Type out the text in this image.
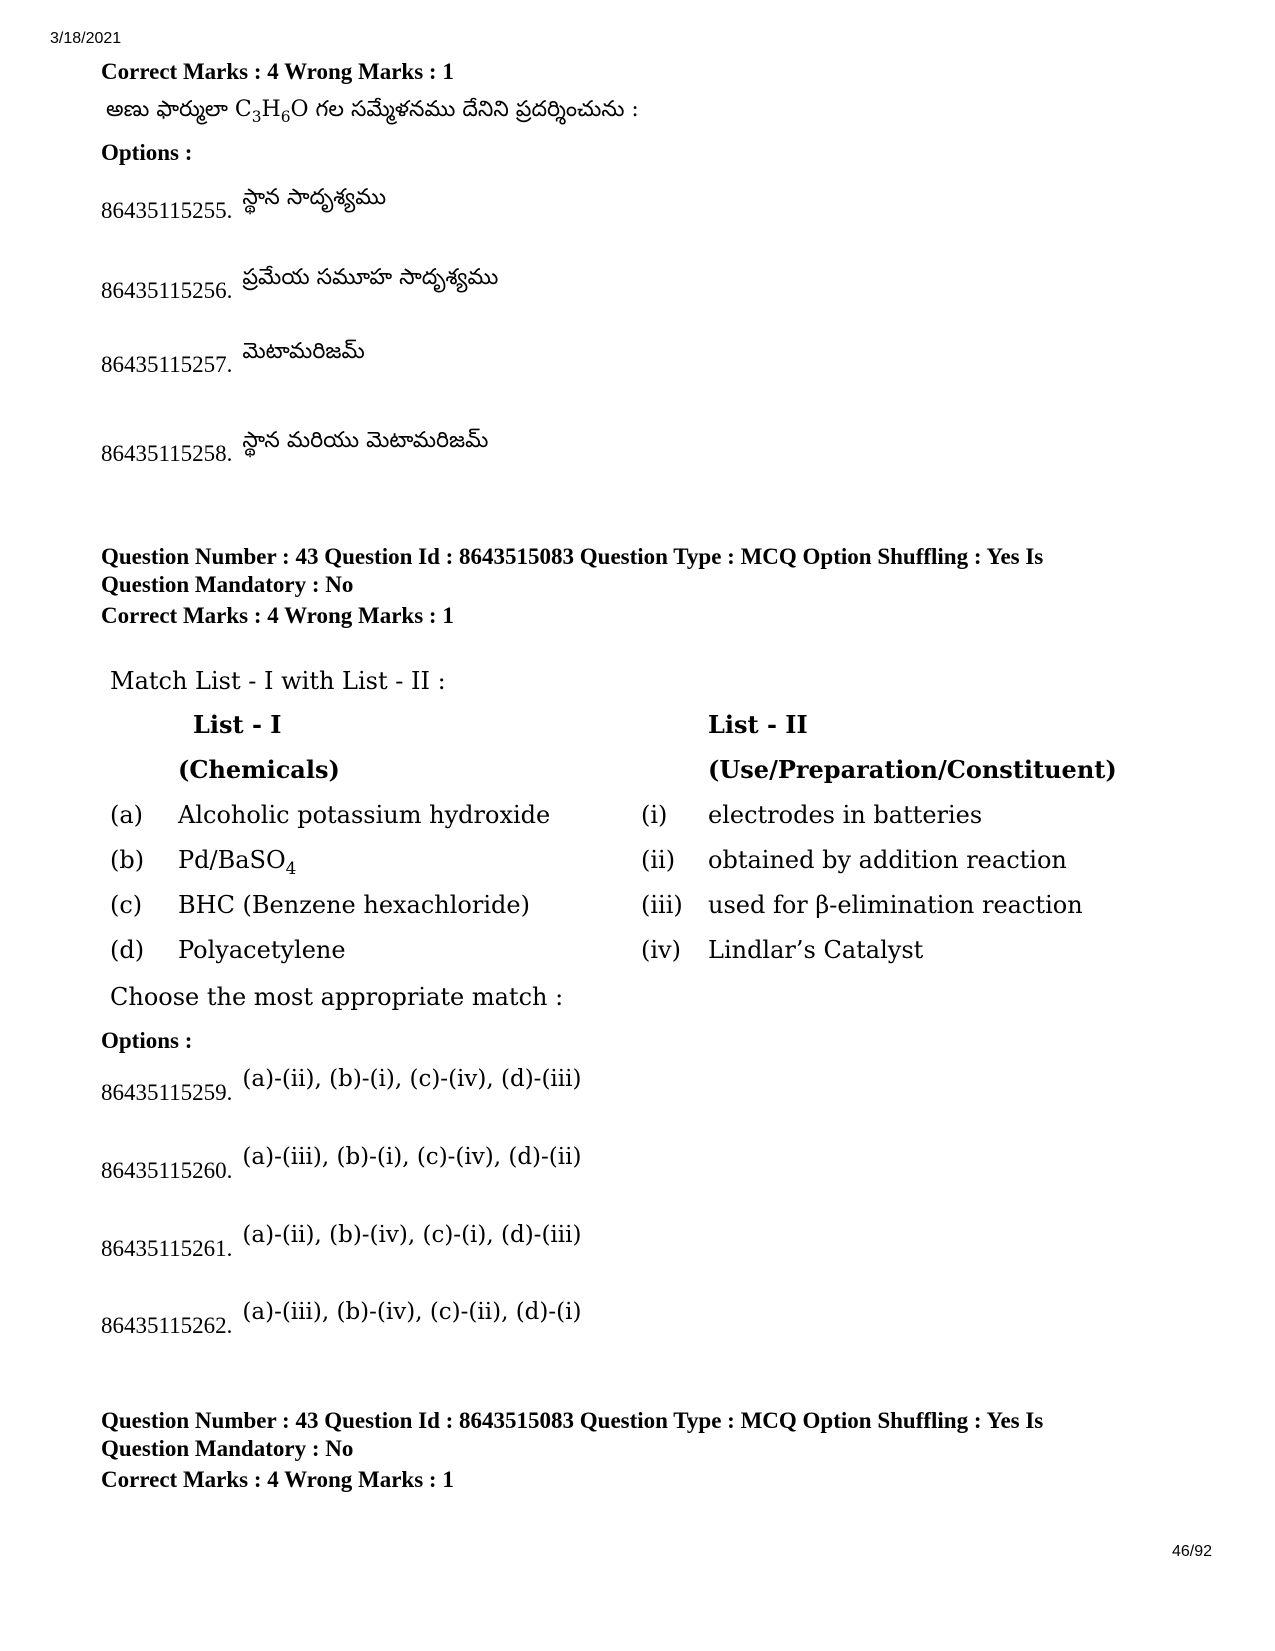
3/18/2021
Correct Marks : 4 Wrong Marks : 1
అణు ఫార్ములా $C_3H_6O$ గల సమ్మేళనము దేనిని ప్రదర్శించును :
Options :
86435115255.స్థాన సాదృశ్యము
86435115256.ప్రమేయ సమూహ సాదృశ్యము
86435115257.మెటామరిజమ్
86435115258.స్థాన మరియు మెటామరిజమ్
Question Number : 43 Question Id : 8643515083 Question Type : MCQ Option Shuffling : Yes Is
Question Mandatory : No
Correct Marks : 4 Wrong Marks : 1
Match List - I with List - II :
List - I	List - II
(Chemicals)	(Use/Preparation/Constituent)
(a) Alcoholic potassium hydroxide	(i) electrodes in batteries
(b) Pd/BaSO$_4$	(ii) obtained by addition reaction
(c) BHC (Benzene hexachloride)	(iii) used for β-elimination reaction
(d) Polyacetylene	(iv) Lindlar’s Catalyst
Choose the most appropriate match :
Options :
86435115259.(a)-(ii), (b)-(i), (c)-(iv), (d)-(iii)
86435115260.(a)-(iii), (b)-(i), (c)-(iv), (d)-(ii)
86435115261.(a)-(ii), (b)-(iv), (c)-(i), (d)-(iii)
86435115262.(a)-(iii), (b)-(iv), (c)-(ii), (d)-(i)
Question Number : 43 Question Id : 8643515083 Question Type : MCQ Option Shuffling : Yes Is
Question Mandatory : No
Correct Marks : 4 Wrong Marks : 1
46/92
